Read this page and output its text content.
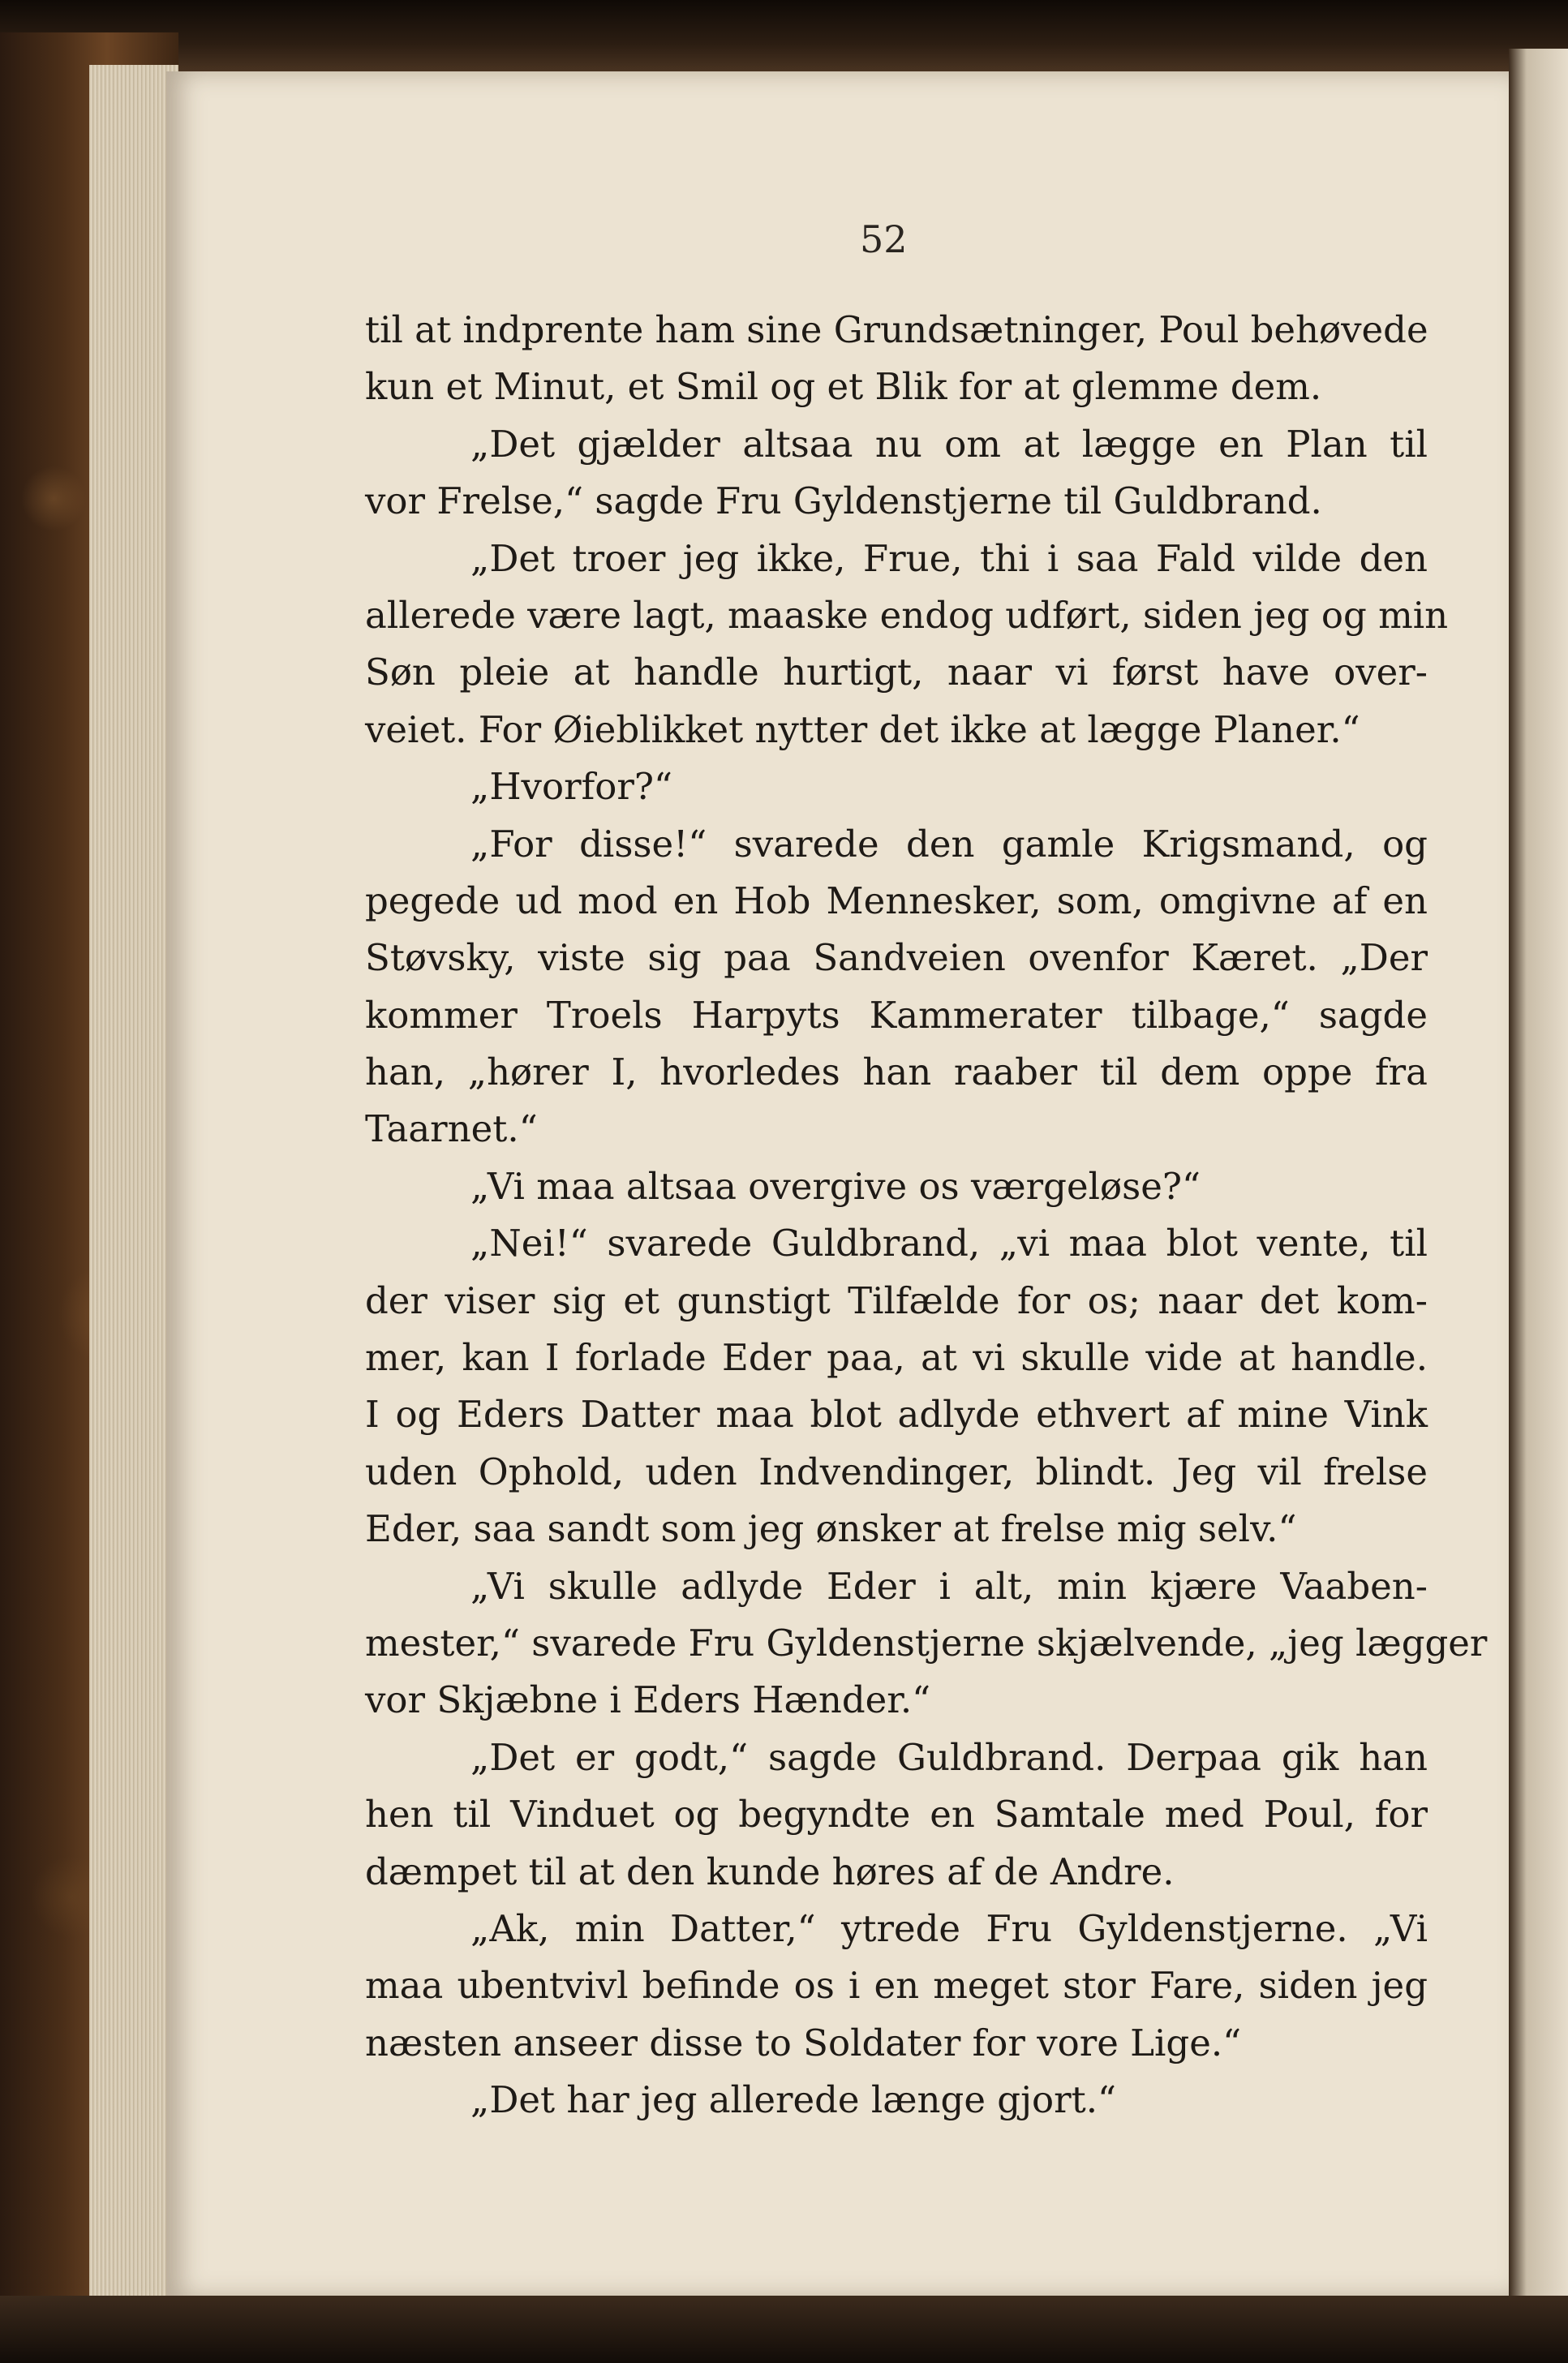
52
til at indprente ham sine Grundsætninger, Poul behøvede
kun et Minut, et Smil og et Blik for at glemme dem.
„Det gjælder altsaa nu om at lægge en Plan til
vor Frelse,“ sagde Fru Gyldenstjerne til Guldbrand.
„Det troer jeg ikke, Frue, thi i saa Fald vilde den
allerede være lagt, maaske endog udført, siden jeg og min
Søn pleie at handle hurtigt, naar vi først have over-
veiet. For Øieblikket nytter det ikke at lægge Planer.“
„Hvorfor?“
„For disse!“ svarede den gamle Krigsmand, og
pegede ud mod en Hob Mennesker, som, omgivne af en
Støvsky, viste sig paa Sandveien ovenfor Kæret. „Der
kommer Troels Harpyts Kammerater tilbage,“ sagde
han, „hører I, hvorledes han raaber til dem oppe fra
Taarnet.“
„Vi maa altsaa overgive os værgeløse?“
„Nei!“ svarede Guldbrand, „vi maa blot vente, til
der viser sig et gunstigt Tilfælde for os; naar det kom-
mer, kan I forlade Eder paa, at vi skulle vide at handle.
I og Eders Datter maa blot adlyde ethvert af mine Vink
uden Ophold, uden Indvendinger, blindt. Jeg vil frelse
Eder, saa sandt som jeg ønsker at frelse mig selv.“
„Vi skulle adlyde Eder i alt, min kjære Vaaben-
mester,“ svarede Fru Gyldenstjerne skjælvende, „jeg lægger
vor Skjæbne i Eders Hænder.“
„Det er godt,“ sagde Guldbrand. Derpaa gik han
hen til Vinduet og begyndte en Samtale med Poul, for
dæmpet til at den kunde høres af de Andre.
„Ak, min Datter,“ ytrede Fru Gyldenstjerne. „Vi
maa ubentvivl befinde os i en meget stor Fare, siden jeg
næsten anseer disse to Soldater for vore Lige.“
„Det har jeg allerede længe gjort.“
